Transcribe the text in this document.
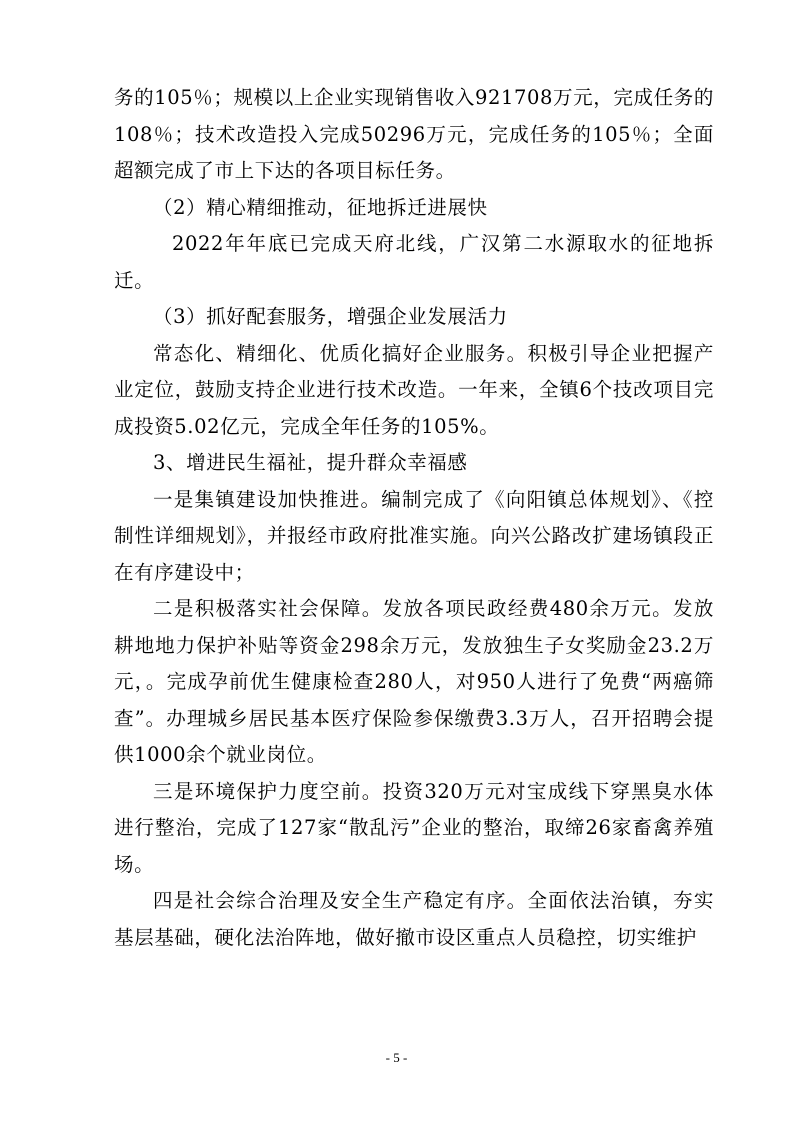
务的105％；规模以上企业实现销售收入921708万元，完成任务的108％；技术改造投入完成50296万元，完成任务的105％；全面超额完成了市上下达的各项目标任务。

（2）精心精细推动，征地拆迁进展快

2022年年底已完成天府北线，广汉第二水源取水的征地拆迁。

（3）抓好配套服务，增强企业发展活力

常态化、精细化、优质化搞好企业服务。积极引导企业把握产业定位，鼓励支持企业进行技术改造。一年来，全镇6个技改项目完成投资5.02亿元，完成全年任务的105%。

3、增进民生福祉，提升群众幸福感

一是集镇建设加快推进。编制完成了《向阳镇总体规划》、《控制性详细规划》，并报经市政府批准实施。向兴公路改扩建场镇段正在有序建设中；

二是积极落实社会保障。发放各项民政经费480余万元。发放耕地地力保护补贴等资金298余万元，发放独生子女奖励金23.2万元，。完成孕前优生健康检查280人，对950人进行了免费“两癌筛查”。办理城乡居民基本医疗保险参保缴费3.3万人，召开招聘会提供1000余个就业岗位。

三是环境保护力度空前。投资320万元对宝成线下穿黑臭水体进行整治，完成了127家“散乱污”企业的整治，取缔26家畜禽养殖场。

四是社会综合治理及安全生产稳定有序。全面依法治镇，夯实基层基础，硬化法治阵地，做好撤市设区重点人员稳控，切实维护

- 5 -
